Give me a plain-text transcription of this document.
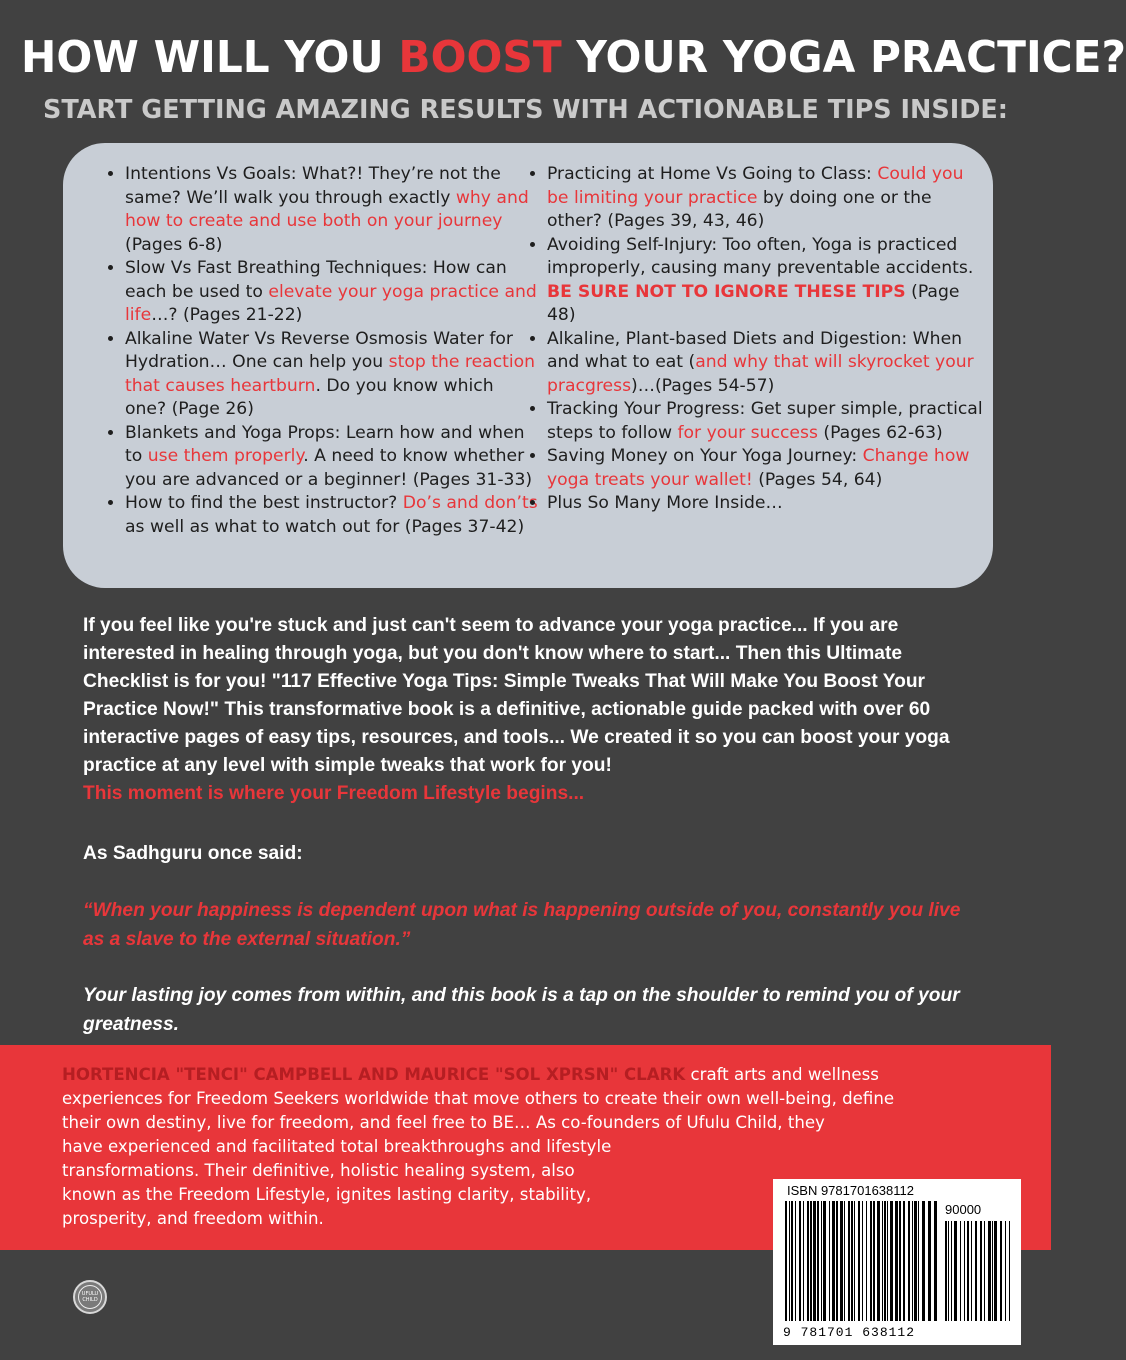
HOW WILL YOU BOOST YOUR YOGA PRACTICE?
START GETTING AMAZING RESULTS WITH ACTIONABLE TIPS INSIDE:
• Intentions Vs Goals: What?! They’re not the same? We’ll walk you through exactly why and how to create and use both on your journey (Pages 6-8)
• Slow Vs Fast Breathing Techniques: How can each be used to elevate your yoga practice and life…? (Pages 21-22)
• Alkaline Water Vs Reverse Osmosis Water for Hydration… One can help you stop the reaction that causes heartburn. Do you know which one? (Page 26)
• Blankets and Yoga Props: Learn how and when to use them properly. A need to know whether you are advanced or a beginner! (Pages 31-33)
• How to find the best instructor? Do’s and don’ts as well as what to watch out for (Pages 37-42)
• Practicing at Home Vs Going to Class: Could you be limiting your practice by doing one or the other? (Pages 39, 43, 46)
• Avoiding Self-Injury: Too often, Yoga is practiced improperly, causing many preventable accidents. BE SURE NOT TO IGNORE THESE TIPS (Page 48)
• Alkaline, Plant-based Diets and Digestion: When and what to eat (and why that will skyrocket your pracgress)…(Pages 54-57)
• Tracking Your Progress: Get super simple, practical steps to follow for your success (Pages 62-63)
• Saving Money on Your Yoga Journey: Change how yoga treats your wallet! (Pages 54, 64)
• Plus So Many More Inside…
If you feel like you're stuck and just can't seem to advance your yoga practice... If you are interested in healing through yoga, but you don't know where to start... Then this Ultimate Checklist is for you! "117 Effective Yoga Tips: Simple Tweaks That Will Make You Boost Your Practice Now!" This transformative book is a definitive, actionable guide packed with over 60 interactive pages of easy tips, resources, and tools... We created it so you can boost your yoga practice at any level with simple tweaks that work for you!
This moment is where your Freedom Lifestyle begins...
As Sadhguru once said:
“When your happiness is dependent upon what is happening outside of you, constantly you live as a slave to the external situation.”
Your lasting joy comes from within, and this book is a tap on the shoulder to remind you of your greatness.
HORTENCIA "TENCI" CAMPBELL AND MAURICE "SOL XPRSN" CLARK craft arts and wellness
experiences for Freedom Seekers worldwide that move others to create their own well-being, define
their own destiny, live for freedom, and feel free to BE… As co-founders of Ufulu Child, they
have experienced and facilitated total breakthroughs and lifestyle
transformations. Their definitive, holistic healing system, also
known as the Freedom Lifestyle, ignites lasting clarity, stability,
prosperity, and freedom within.
ISBN 9781701638112
90000
9 781701 638112
UFULU CHILD
